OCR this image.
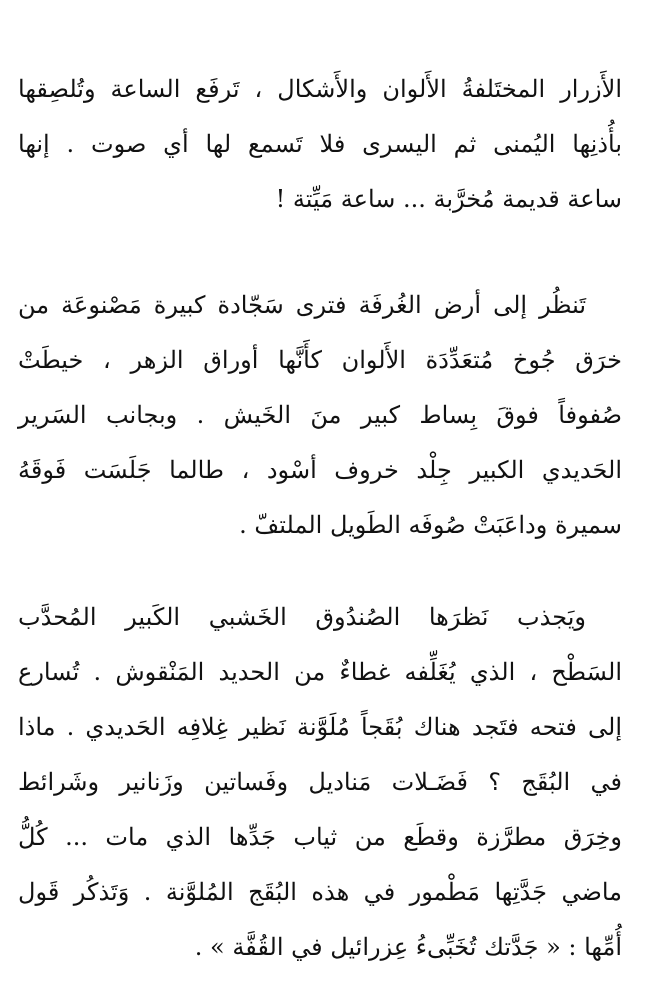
الأَزرار المختَلفةُ الأَلوان والأَشكال ، تَرفَع الساعة وتُلصِقها
بأُذنِها اليُمنى ثم اليسرى فلا تَسمع لها أي صوت . إنها
ساعة قديمة مُخرَّبة ... ساعة مَيِّتة !
تَنظُر إلى أرض الغُرفَة فترى سَجّادة كبيرة مَصْنوعَة من
خرَق جُوخ مُتعَدِّدَة الأَلوان كأَنَّها أوراق الزهر ، خيطَتْ
صُفوفاً فوقَ بِساط كبير منَ الخَيش . وبجانب السَرير
الحَديدي الكبير جِلْد خروف أسْود ، طالما جَلَسَت فَوقَهُ
سميرة وداعَبَتْ صُوفَه الطَويل الملتفّ .
ويَجذب نَظرَها الصُندُوق الخَشبي الكَبير المُحدَّب
السَطْح ، الذي يُغَلِّفه غطاءٌ من الحديد المَنْقوش . تُسارع
إلى فتحه فتَجد هناك بُقَجاً مُلَوَّنة نَظير غِلافِه الحَديدي . ماذا
في البُقَج ؟ فَضَـلات مَناديل وفَساتين وزَنانير وشَرائط
وخِرَق مطرَّزة وقطَع من ثياب جَدِّها الذي مات ... كُلُّ
ماضي جَدَّتِها مَطْمور في هذه البُقَج المُلوَّنة . وَتَذكُر قَول
أُمِّها : « جَدَّتك تُخَبِّىءُ عِزرائيل في القُفَّة » .
